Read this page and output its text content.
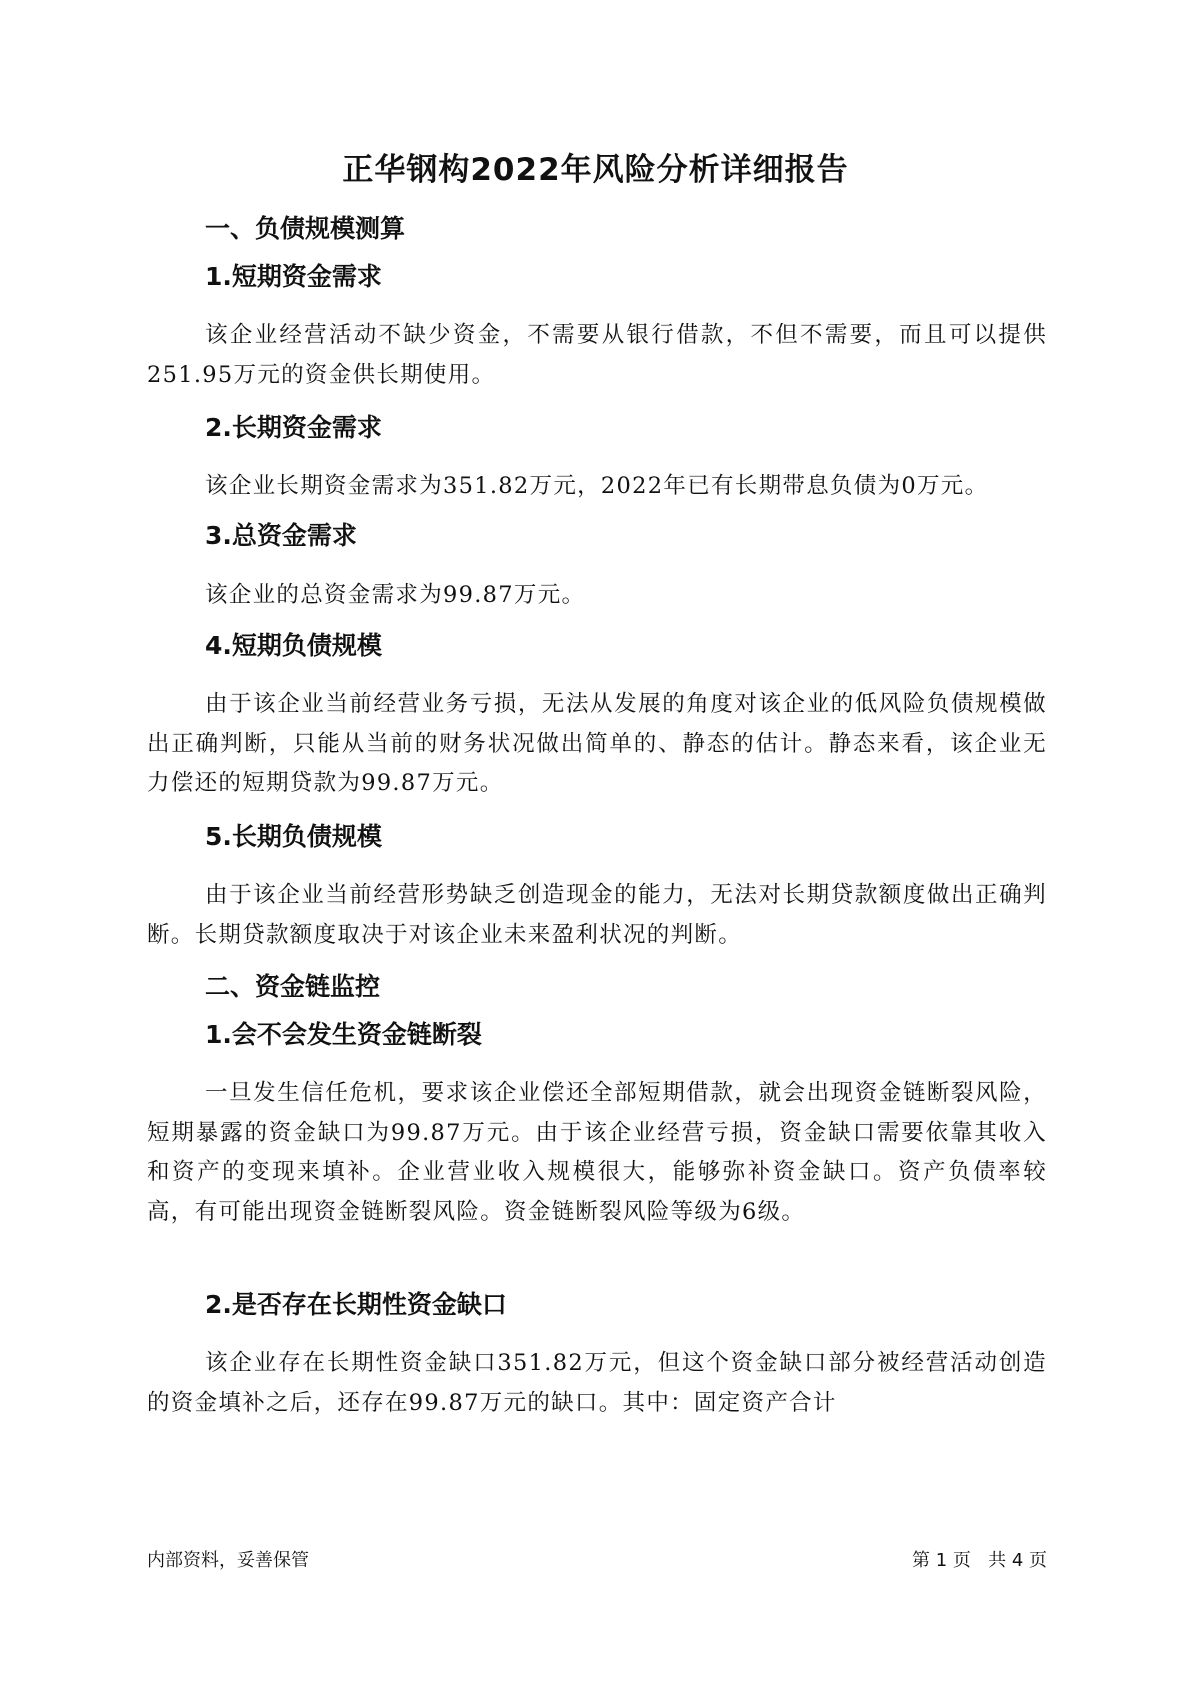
正华钢构2022年风险分析详细报告
一、负债规模测算
1.短期资金需求

该企业经营活动不缺少资金，不需要从银行借款，不但不需要，而且可以提供251.95万元的资金供长期使用。

2.长期资金需求

该企业长期资金需求为351.82万元，2022年已有长期带息负债为0万元。

3.总资金需求

该企业的总资金需求为99.87万元。

4.短期负债规模

由于该企业当前经营业务亏损，无法从发展的角度对该企业的低风险负债规模做出正确判断，只能从当前的财务状况做出简单的、静态的估计。静态来看，该企业无力偿还的短期贷款为99.87万元。

5.长期负债规模

由于该企业当前经营形势缺乏创造现金的能力，无法对长期贷款额度做出正确判断。长期贷款额度取决于对该企业未来盈利状况的判断。

二、资金链监控
1.会不会发生资金链断裂

一旦发生信任危机，要求该企业偿还全部短期借款，就会出现资金链断裂风险，短期暴露的资金缺口为99.87万元。由于该企业经营亏损，资金缺口需要依靠其收入和资产的变现来填补。企业营业收入规模很大，能够弥补资金缺口。资产负债率较高，有可能出现资金链断裂风险。资金链断裂风险等级为6级。

2.是否存在长期性资金缺口

该企业存在长期性资金缺口351.82万元，但这个资金缺口部分被经营活动创造的资金填补之后，还存在99.87万元的缺口。其中：固定资产合计

内部资料，妥善保管	第 1 页 共 4 页
